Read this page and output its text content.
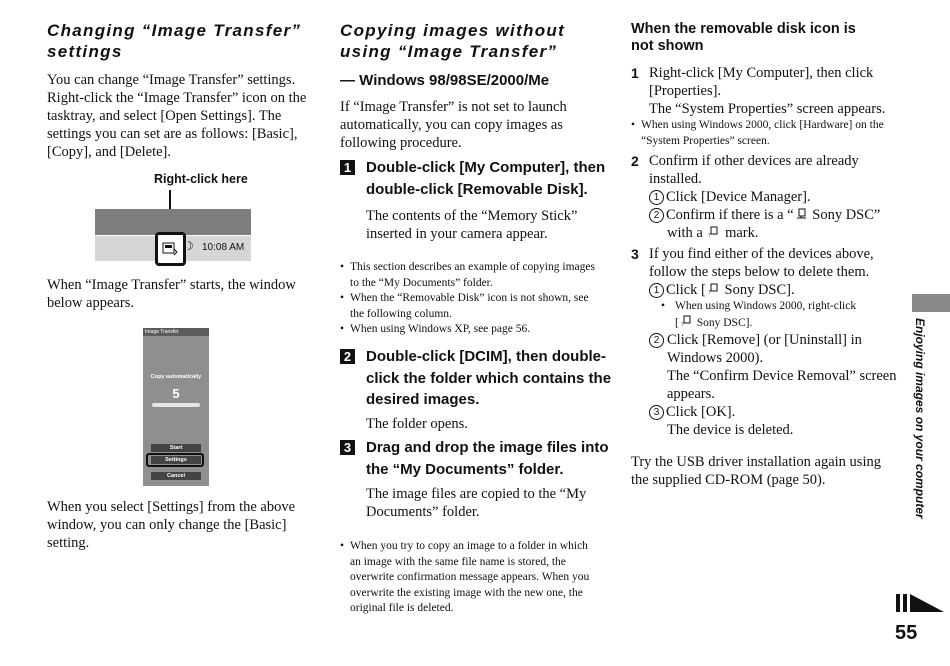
Changing “Image Transfer”
settings

You can change “Image Transfer” settings. Right-click the “Image Transfer” icon on the tasktray, and select [Open Settings]. The settings you can set are as follows: [Basic], [Copy], and [Delete].

Right-click here
☽ 10:08 AM

When “Image Transfer” starts, the window below appears.

Image Transfer
Copy automatically
5
Start
Settings
Cancel

When you select [Settings] from the above window, you can only change the [Basic] setting.

Copying images without
using “Image Transfer”
— Windows 98/98SE/2000/Me

If “Image Transfer” is not set to launch automatically, you can copy images as following procedure.

1 Double-click [My Computer], then double-click [Removable Disk].

The contents of the “Memory Stick” inserted in your camera appear.

• This section describes an example of copying images to the “My Documents” folder.
• When the “Removable Disk” icon is not shown, see the following column.
• When using Windows XP, see page 56.
2 Double-click [DCIM], then double-click the folder which contains the desired images.

The folder opens.

3 Drag and drop the image files into the “My Documents” folder.

The image files are copied to the “My Documents” folder.

• When you try to copy an image to a folder in which an image with the same file name is stored, the overwrite confirmation message appears. When you overwrite the existing image with the new one, the original file is deleted.
When the removable disk icon is
not shown
1 Right-click [My Computer], then click [Properties].
The “System Properties” screen appears.
• When using Windows 2000, click [Hardware] on the “System Properties” screen.
2 Confirm if other devices are already installed.
1 Click [Device Manager].
2 Confirm if there is a “ Sony DSC”
with a ? mark.
3 If you find either of the devices above, follow the steps below to delete them.
1 Click [ ? Sony DSC].
• When using Windows 2000, right-click
[ ? Sony DSC].
2 Click [Remove] (or [Uninstall] in Windows 2000).
The “Confirm Device Removal” screen appears.
3 Click [OK].
The device is deleted.

Try the USB driver installation again using the supplied CD-ROM (page 50).	Enjoying images on your computer
55
